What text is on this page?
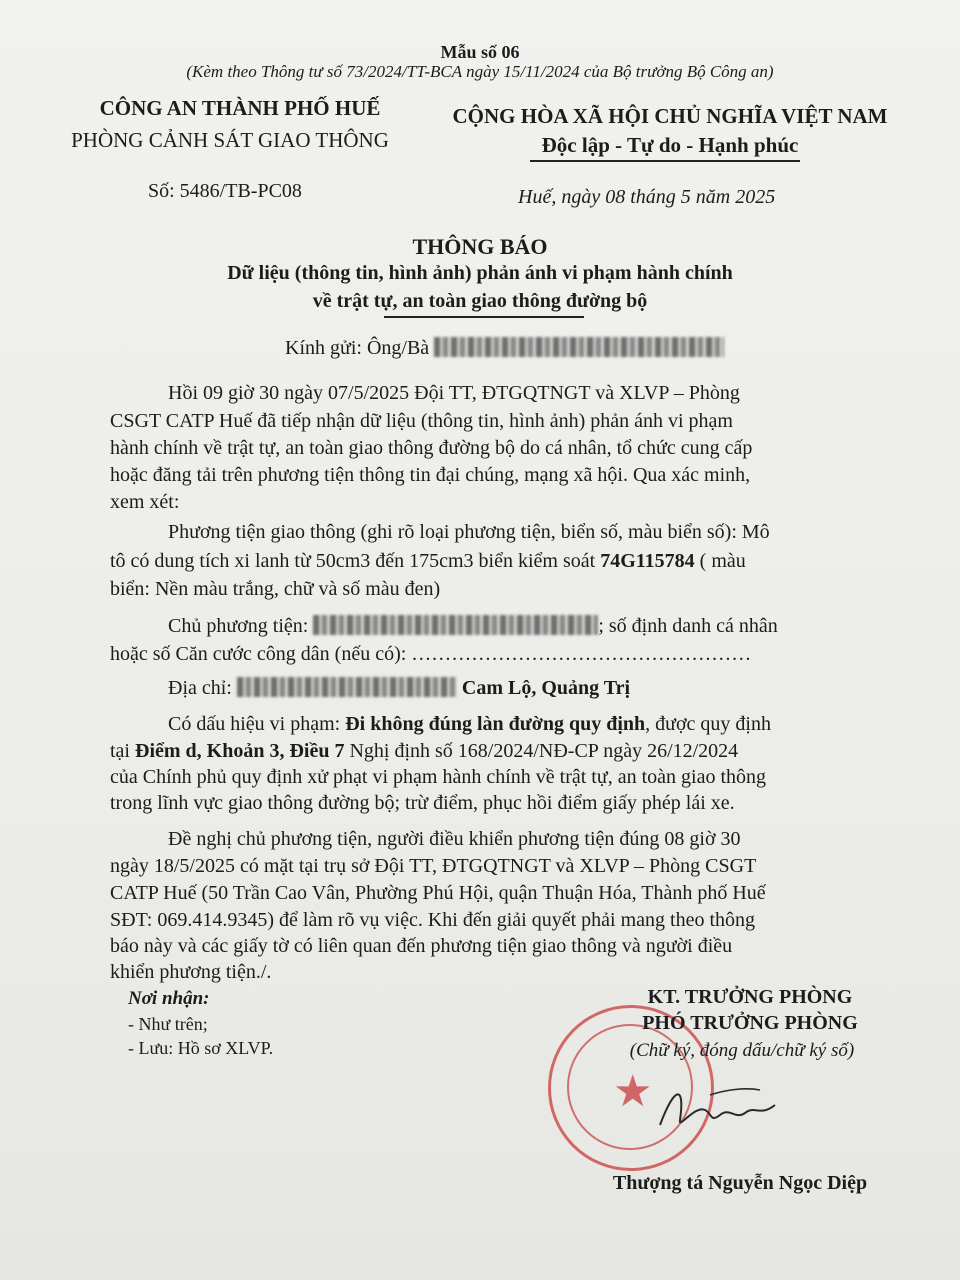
Mẫu số 06
(Kèm theo Thông tư số 73/2024/TT-BCA ngày 15/11/2024 của Bộ trưởng Bộ Công an)
CÔNG AN THÀNH PHỐ HUẾ
PHÒNG CẢNH SÁT GIAO THÔNG
Số: 5486/TB-PC08
CỘNG HÒA XÃ HỘI CHỦ NGHĨA VIỆT NAM
Độc lập - Tự do - Hạnh phúc
Huế, ngày 08 tháng 5 năm 2025
THÔNG BÁO
Dữ liệu (thông tin, hình ảnh) phản ánh vi phạm hành chính
về trật tự, an toàn giao thông đường bộ
Kính gửi: Ông/Bà
Hồi 09 giờ 30 ngày 07/5/2025 Đội TT, ĐTGQTNGT và XLVP – Phòng
CSGT CATP Huế đã tiếp nhận dữ liệu (thông tin, hình ảnh) phản ánh vi phạm
hành chính về trật tự, an toàn giao thông đường bộ do cá nhân, tổ chức cung cấp
hoặc đăng tải trên phương tiện thông tin đại chúng, mạng xã hội. Qua xác minh,
xem xét:
Phương tiện giao thông (ghi rõ loại phương tiện, biển số, màu biển số): Mô
tô có dung tích xi lanh từ 50cm3 đến 175cm3 biển kiểm soát 74G115784 ( màu
biển: Nền màu trắng, chữ và số màu đen)
Chủ phương tiện:	; số định danh cá nhân
hoặc số Căn cước công dân (nếu có): ……………………………………………
Địa chỉ:	Cam Lộ, Quảng Trị
Có dấu hiệu vi phạm: Đi không đúng làn đường quy định, được quy định
tại Điểm d, Khoản 3, Điều 7 Nghị định số 168/2024/NĐ-CP ngày 26/12/2024
của Chính phủ quy định xử phạt vi phạm hành chính về trật tự, an toàn giao thông
trong lĩnh vực giao thông đường bộ; trừ điểm, phục hồi điểm giấy phép lái xe.
Đề nghị chủ phương tiện, người điều khiển phương tiện đúng 08 giờ 30
ngày 18/5/2025 có mặt tại trụ sở Đội TT, ĐTGQTNGT và XLVP – Phòng CSGT
CATP Huế (50 Trần Cao Vân, Phường Phú Hội, quận Thuận Hóa, Thành phố Huế
SĐT: 069.414.9345) để làm rõ vụ việc. Khi đến giải quyết phải mang theo thông
báo này và các giấy tờ có liên quan đến phương tiện giao thông và người điều
khiển phương tiện./.
Nơi nhận:
- Như trên;
- Lưu: Hồ sơ XLVP.
★
KT. TRƯỞNG PHÒNG
PHÓ TRƯỞNG PHÒNG
(Chữ ký, đóng dấu/chữ ký số)
Thượng tá Nguyễn Ngọc Diệp
